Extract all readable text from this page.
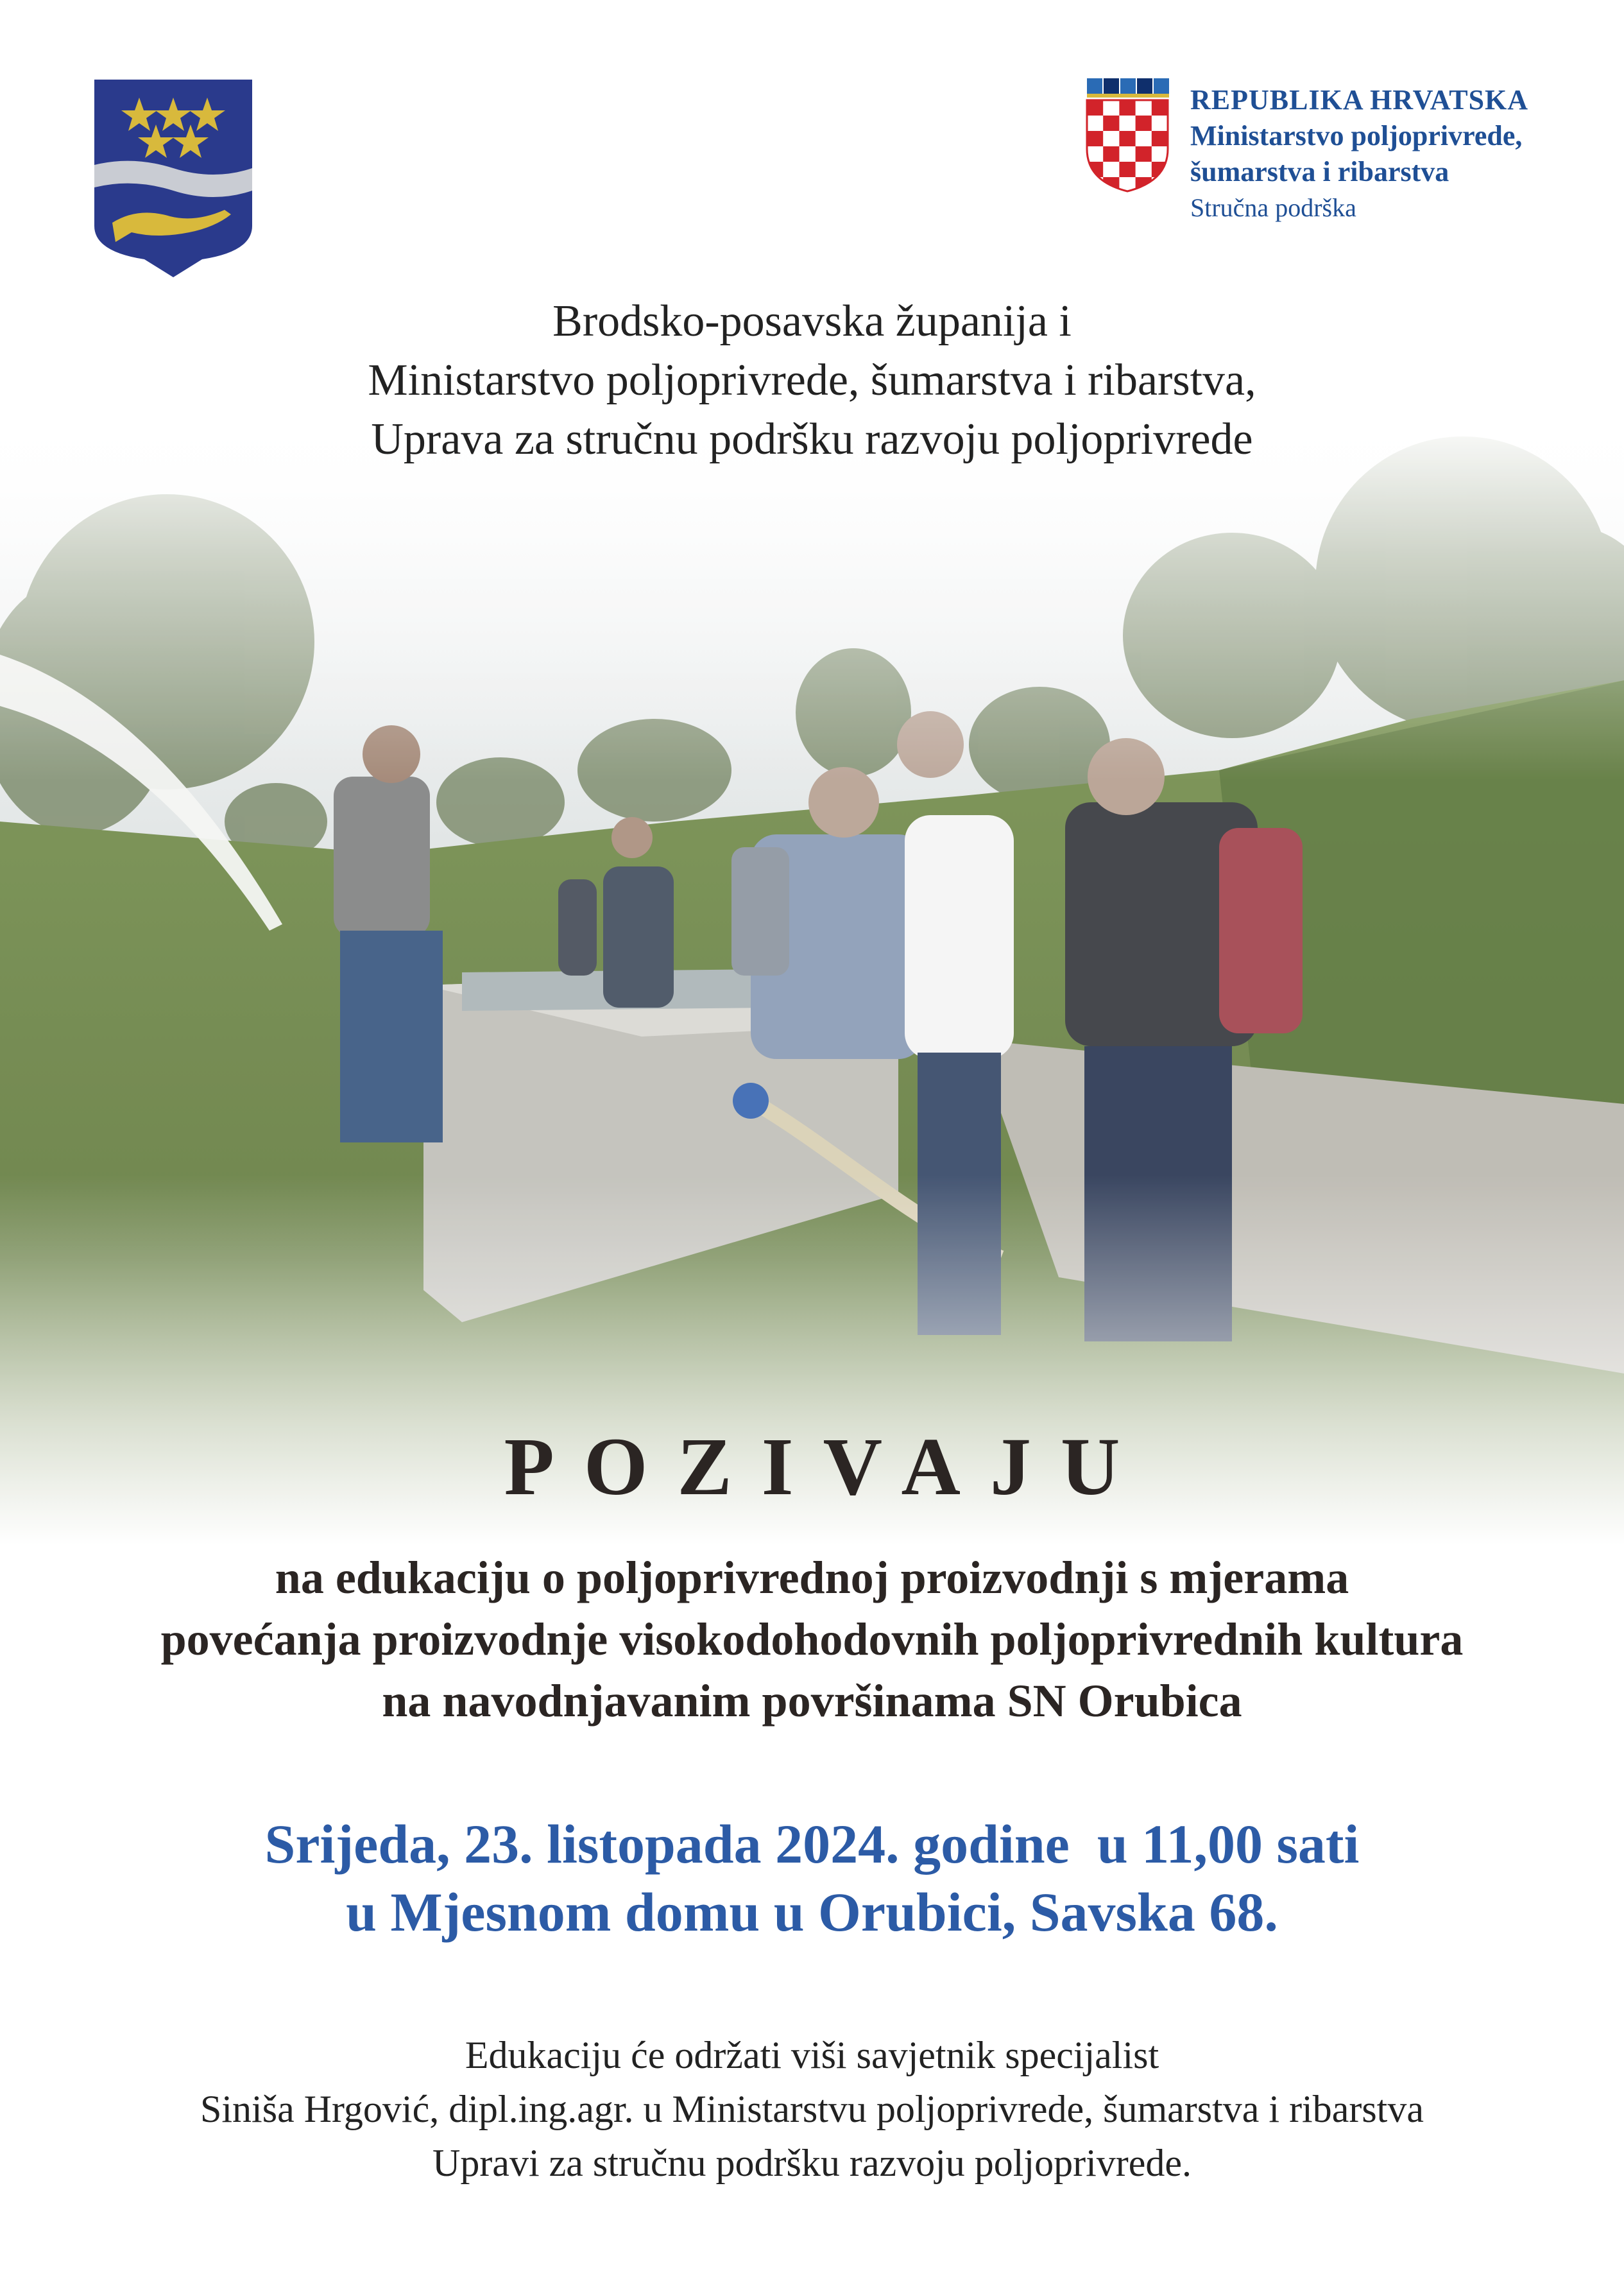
REPUBLIKA HRVATSKA
Ministarstvo poljoprivrede,
šumarstva i ribarstva
Stručna podrška
Brodsko-posavska županija i
Ministarstvo poljoprivrede, šumarstva i ribarstva,
Uprava za stručnu podršku razvoju poljoprivrede
POZIVAJU
na edukaciju o poljoprivrednoj proizvodnji s mjerama
povećanja proizvodnje visokodohodovnih poljoprivrednih kultura
na navodnjavanim površinama SN Orubica
Srijeda, 23. listopada 2024. godine  u 11,00 sati
u Mjesnom domu u Orubici, Savska 68.
Edukaciju će održati viši savjetnik specijalist
Siniša Hrgović, dipl.ing.agr. u Ministarstvu poljoprivrede, šumarstva i ribarstva
Upravi za stručnu podršku razvoju poljoprivrede.
